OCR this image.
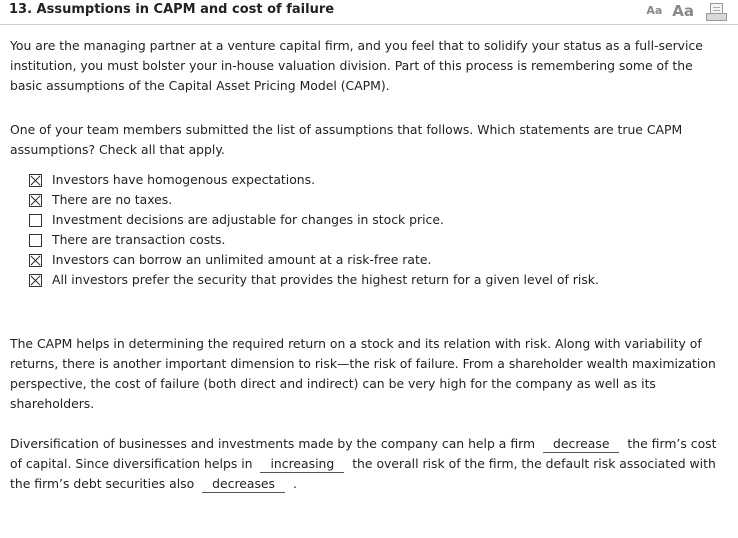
13. Assumptions in CAPM and cost of failure	Aa Aa

You are the managing partner at a venture capital firm, and you feel that to solidify your status as a full-service institution, you must bolster your in-house valuation division. Part of this process is remembering some of the basic assumptions of the Capital Asset Pricing Model (CAPM).

One of your team members submitted the list of assumptions that follows. Which statements are true CAPM assumptions? Check all that apply.

Investors have homogenous expectations.
There are no taxes.
Investment decisions are adjustable for changes in stock price.
There are transaction costs.
Investors can borrow an unlimited amount at a risk-free rate.
All investors prefer the security that provides the highest return for a given level of risk.

The CAPM helps in determining the required return on a stock and its relation with risk. Along with variability of returns, there is another important dimension to risk—the risk of failure. From a shareholder wealth maximization perspective, the cost of failure (both direct and indirect) can be very high for the company as well as its shareholders.

Diversification of businesses and investments made by the company can help a firm decrease the firm’s cost of capital. Since diversification helps in increasing the overall risk of the firm, the default risk associated with the firm’s debt securities also decreases .
